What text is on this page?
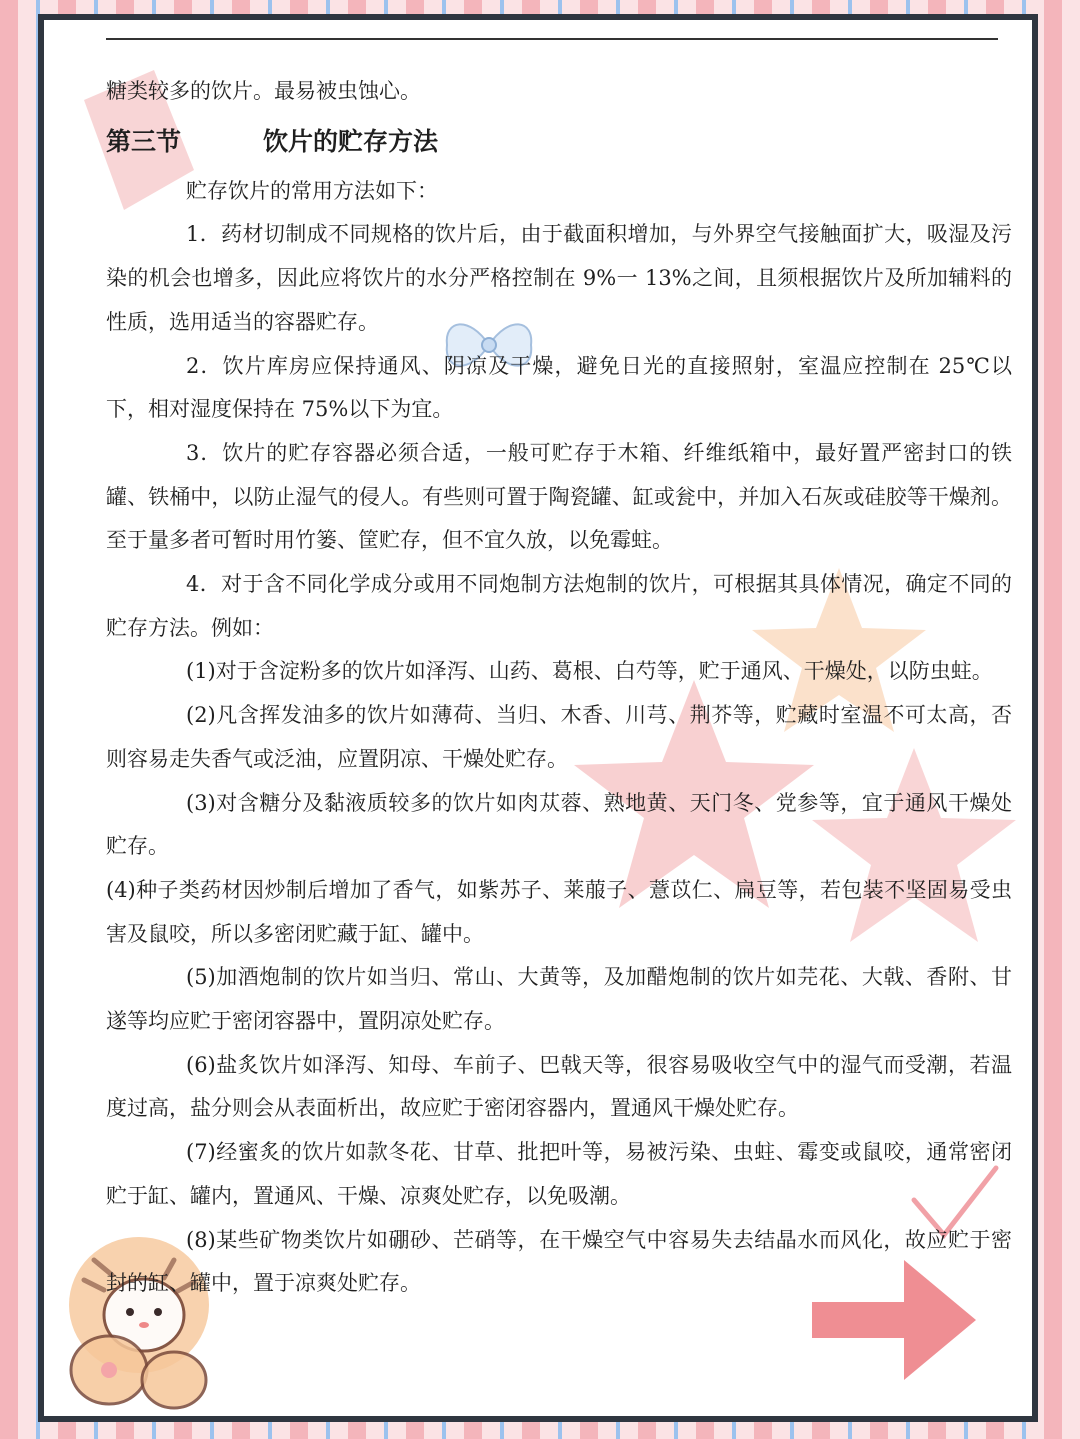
糖类较多的饮片。最易被虫蚀心。

第三节	饮片的贮存方法

贮存饮片的常用方法如下：

1．药材切制成不同规格的饮片后，由于截面积增加，与外界空气接触面扩大，吸湿及污染的机会也增多，因此应将饮片的水分严格控制在 9%一 13%之间，且须根据饮片及所加辅料的性质，选用适当的容器贮存。

2．饮片库房应保持通风、阴凉及干燥，避免日光的直接照射，室温应控制在 25℃以下，相对湿度保持在 75%以下为宜。

3．饮片的贮存容器必须合适，一般可贮存于木箱、纤维纸箱中，最好置严密封口的铁罐、铁桶中，以防止湿气的侵人。有些则可置于陶瓷罐、缸或瓮中，并加入石灰或硅胶等干燥剂。至于量多者可暂时用竹篓、筐贮存，但不宜久放，以免霉蛀。

4．对于含不同化学成分或用不同炮制方法炮制的饮片，可根据其具体情况，确定不同的贮存方法。例如：

(1)对于含淀粉多的饮片如泽泻、山药、葛根、白芍等，贮于通风、干燥处，以防虫蛀。

(2)凡含挥发油多的饮片如薄荷、当归、木香、川芎、荆芥等，贮藏时室温不可太高，否则容易走失香气或泛油，应置阴凉、干燥处贮存。

(3)对含糖分及黏液质较多的饮片如肉苁蓉、熟地黄、天门冬、党参等，宜于通风干燥处贮存。

(4)种子类药材因炒制后增加了香气，如紫苏子、莱菔子、薏苡仁、扁豆等，若包装不坚固易受虫害及鼠咬，所以多密闭贮藏于缸、罐中。

(5)加酒炮制的饮片如当归、常山、大黄等，及加醋炮制的饮片如芫花、大戟、香附、甘遂等均应贮于密闭容器中，置阴凉处贮存。

(6)盐炙饮片如泽泻、知母、车前子、巴戟天等，很容易吸收空气中的湿气而受潮，若温度过高，盐分则会从表面析出，故应贮于密闭容器内，置通风干燥处贮存。

(7)经蜜炙的饮片如款冬花、甘草、批把叶等，易被污染、虫蛀、霉变或鼠咬，通常密闭贮于缸、罐内，置通风、干燥、凉爽处贮存，以免吸潮。

(8)某些矿物类饮片如硼砂、芒硝等，在干燥空气中容易失去结晶水而风化，故应贮于密封的缸、罐中，置于凉爽处贮存。
